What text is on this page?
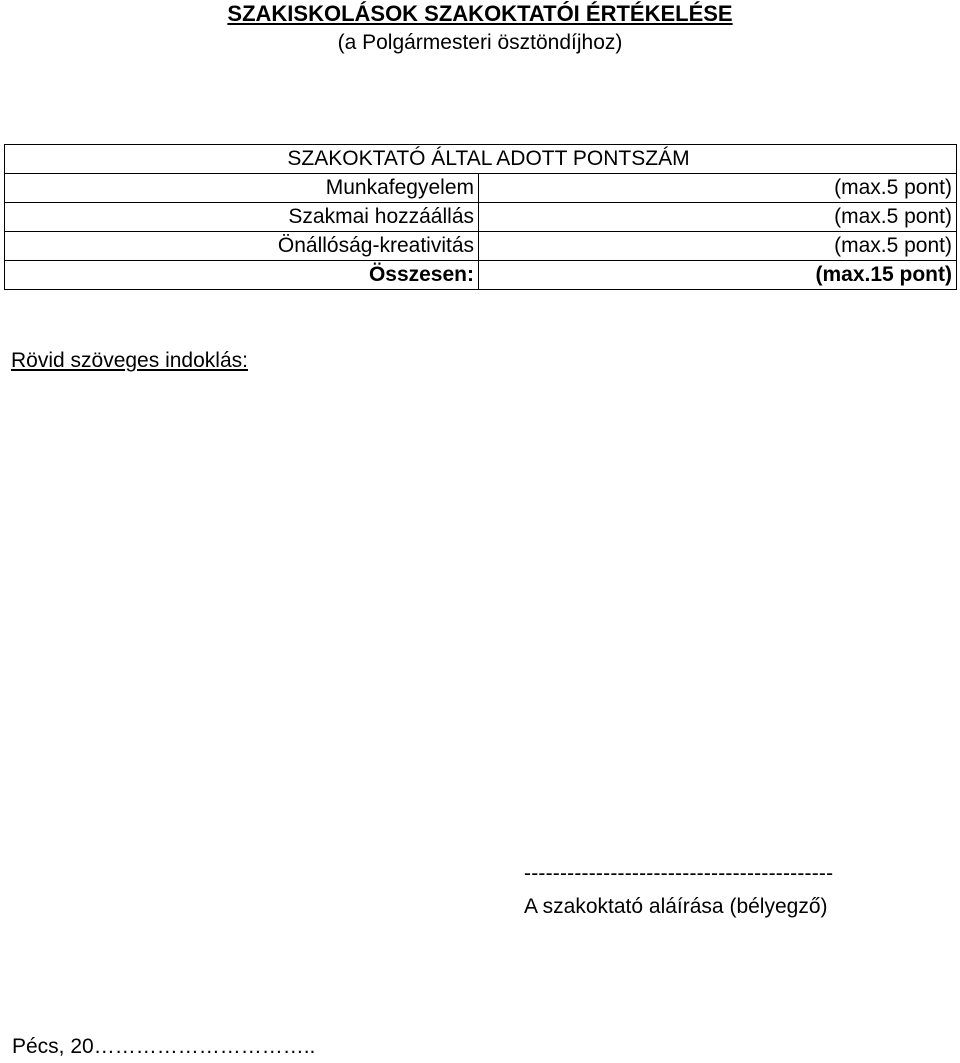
SZAKISKOLÁSOK SZAKOKTATÓI ÉRTÉKELÉSE
(a Polgármesteri ösztöndíjhoz)
SZAKOKTATÓ ÁLTAL ADOTT PONTSZÁM	
Munkafegyelem	(max.5 pont)
Szakmai hozzáállás	(max.5 pont)
Önállóság-kreativitás	(max.5 pont)
Összesen:	(max.15 pont)
Rövid szöveges indoklás:
-------------------------------------------
A szakoktató aláírása (bélyegző)
Pécs, 20…………………………..
